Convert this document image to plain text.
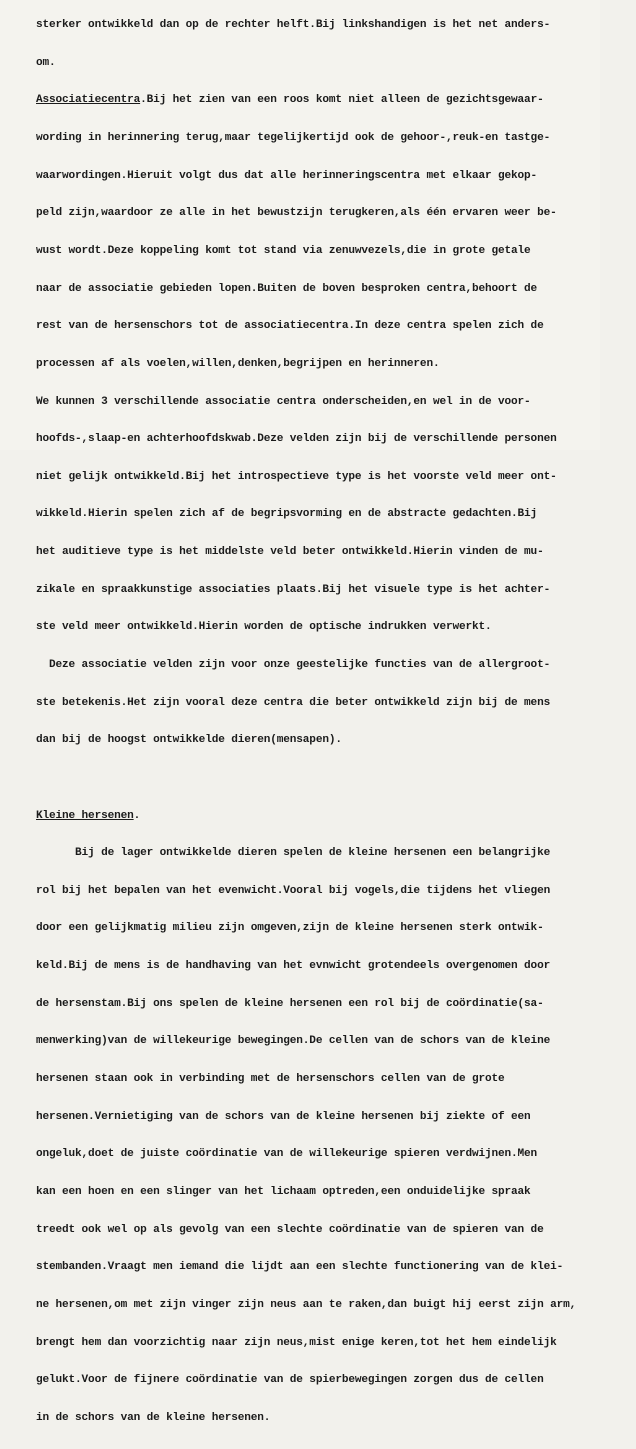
sterker ontwikkeld dan op de rechter helft.Bij linkshandigen is het net anders-

om.

Associatiecentra.Bij het zien van een roos komt niet alleen de gezichtsgewaar-

wording in herinnering terug,maar tegelijkertijd ook de gehoor-,reuk-en tastge-

waarwordingen.Hieruit volgt dus dat alle herinneringscentra met elkaar gekop-

peld zijn,waardoor ze alle in het bewustzijn terugkeren,als één ervaren weer be-

wust wordt.Deze koppeling komt tot stand via zenuwvezels,die in grote getale

naar de associatie gebieden lopen.Buiten de boven besproken centra,behoort de

rest van de hersenschors tot de associatiecentra.In deze centra spelen zich de

processen af als voelen,willen,denken,begrijpen en herinneren.

We kunnen 3 verschillende associatie centra onderscheiden,en wel in de voor-

hoofds-,slaap-en achterhoofdskwab.Deze velden zijn bij de verschillende personen

niet gelijk ontwikkeld.Bij het introspectieve type is het voorste veld meer ont-

wikkeld.Hierin spelen zich af de begripsvorming en de abstracte gedachten.Bij

het auditieve type is het middelste veld beter ontwikkeld.Hierin vinden de mu-

zikale en spraakkunstige associaties plaats.Bij het visuele type is het achter-

ste veld meer ontwikkeld.Hierin worden de optische indrukken verwerkt.

Deze associatie velden zijn voor onze geestelijke functies van de allergroot-

ste betekenis.Het zijn vooral deze centra die beter ontwikkeld zijn bij de mens

dan bij de hoogst ontwikkelde dieren(mensapen).

Kleine hersenen.

Bij de lager ontwikkelde dieren spelen de kleine hersenen een belangrijke

rol bij het bepalen van het evenwicht.Vooral bij vogels,die tijdens het vliegen

door een gelijkmatig milieu zijn omgeven,zijn de kleine hersenen sterk ontwik-

keld.Bij de mens is de handhaving van het evnwicht grotendeels overgenomen door

de hersenstam.Bij ons spelen de kleine hersenen een rol bij de coördinatie(sa-

menwerking)van de willekeurige bewegingen.De cellen van de schors van de kleine

hersenen staan ook in verbinding met de hersenschors cellen van de grote

hersenen.Vernietiging van de schors van de kleine hersenen bij ziekte of een

ongeluk,doet de juiste coördinatie van de willekeurige spieren verdwijnen.Men

kan een hoen en een slinger van het lichaam optreden,een onduidelijke spraak

treedt ook wel op als gevolg van een slechte coördinatie van de spieren van de

stembanden.Vraagt men iemand die lijdt aan een slechte functionering van de klei-

ne hersenen,om met zijn vinger zijn neus aan te raken,dan buigt hij eerst zijn arm,

brengt hem dan voorzichtig naar zijn neus,mist enige keren,tot het hem eindelijk

gelukt.Voor de fijnere coördinatie van de spierbewegingen zorgen dus de cellen

in de schors van de kleine hersenen.
